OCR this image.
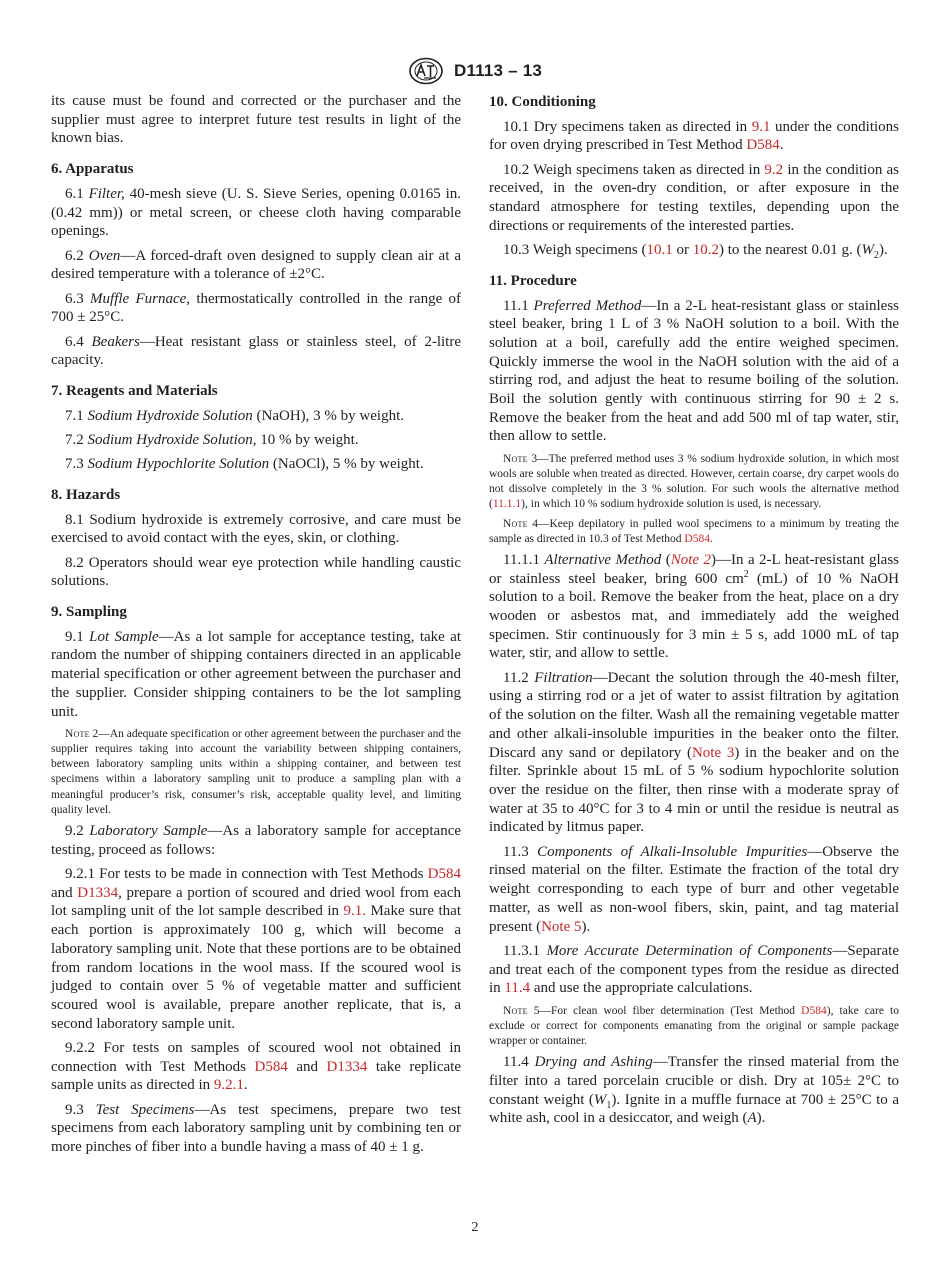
D1113 – 13

its cause must be found and corrected or the purchaser and the supplier must agree to interpret future test results in light of the known bias.

6. Apparatus

6.1 Filter, 40-mesh sieve (U. S. Sieve Series, opening 0.0165 in. (0.42 mm)) or metal screen, or cheese cloth having comparable openings.

6.2 Oven—A forced-draft oven designed to supply clean air at a desired temperature with a tolerance of ±2°C.

6.3 Muffle Furnace, thermostatically controlled in the range of 700 ± 25°C.

6.4 Beakers—Heat resistant glass or stainless steel, of 2-litre capacity.

7. Reagents and Materials

7.1 Sodium Hydroxide Solution (NaOH), 3 % by weight.

7.2 Sodium Hydroxide Solution, 10 % by weight.

7.3 Sodium Hypochlorite Solution (NaOCl), 5 % by weight.

8. Hazards

8.1 Sodium hydroxide is extremely corrosive, and care must be exercised to avoid contact with the eyes, skin, or clothing.

8.2 Operators should wear eye protection while handling caustic solutions.

9. Sampling

9.1 Lot Sample—As a lot sample for acceptance testing, take at random the number of shipping containers directed in an applicable material specification or other agreement between the purchaser and the supplier. Consider shipping containers to be the lot sampling unit.

Note 2—An adequate specification or other agreement between the purchaser and the supplier requires taking into account the variability between shipping containers, between laboratory sampling units within a shipping container, and between test specimens within a laboratory sampling unit to produce a sampling plan with a meaningful producer’s risk, consumer’s risk, acceptable quality level, and limiting quality level.

9.2 Laboratory Sample—As a laboratory sample for acceptance testing, proceed as follows:

9.2.1 For tests to be made in connection with Test Methods D584 and D1334, prepare a portion of scoured and dried wool from each lot sampling unit of the lot sample described in 9.1. Make sure that each portion is approximately 100 g, which will become a laboratory sampling unit. Note that these portions are to be obtained from random locations in the wool mass. If the scoured wool is judged to contain over 5 % of vegetable matter and sufficient scoured wool is available, prepare another replicate, that is, a second laboratory sample unit.

9.2.2 For tests on samples of scoured wool not obtained in connection with Test Methods D584 and D1334 take replicate sample units as directed in 9.2.1.

9.3 Test Specimens—As test specimens, prepare two test specimens from each laboratory sampling unit by combining ten or more pinches of fiber into a bundle having a mass of 40 ± 1 g.

10. Conditioning

10.1 Dry specimens taken as directed in 9.1 under the conditions for oven drying prescribed in Test Method D584.

10.2 Weigh specimens taken as directed in 9.2 in the condition as received, in the oven-dry condition, or after exposure in the standard atmosphere for testing textiles, depending upon the directions or requirements of the interested parties.

10.3 Weigh specimens (10.1 or 10.2) to the nearest 0.01 g. $(W_2)$.

11. Procedure

11.1 Preferred Method—In a 2-L heat-resistant glass or stainless steel beaker, bring 1 L of 3 % NaOH solution to a boil. With the solution at a boil, carefully add the entire weighed specimen. Quickly immerse the wool in the NaOH solution with the aid of a stirring rod, and adjust the heat to resume boiling of the solution. Boil the solution gently with continuous stirring for 90 ± 2 s. Remove the beaker from the heat and add 500 ml of tap water, stir, then allow to settle.

Note 3—The preferred method uses 3 % sodium hydroxide solution, in which most wools are soluble when treated as directed. However, certain coarse, dry carpet wools do not dissolve completely in the 3 % solution. For such wools the alternative method (11.1.1), in which 10 % sodium hydroxide solution is used, is necessary.

Note 4—Keep depilatory in pulled wool specimens to a minimum by treating the sample as directed in 10.3 of Test Method D584.

11.1.1 Alternative Method (Note 2)—In a 2-L heat-resistant glass or stainless steel beaker, bring 600 $cm^2$ (mL) of 10 % NaOH solution to a boil. Remove the beaker from the heat, place on a dry wooden or asbestos mat, and immediately add the weighed specimen. Stir continuously for 3 min ± 5 s, add 1000 mL of tap water, stir, and allow to settle.

11.2 Filtration—Decant the solution through the 40-mesh filter, using a stirring rod or a jet of water to assist filtration by agitation of the solution on the filter. Wash all the remaining vegetable matter and other alkali-insoluble impurities in the beaker onto the filter. Discard any sand or depilatory (Note 3) in the beaker and on the filter. Sprinkle about 15 mL of 5 % sodium hypochlorite solution over the residue on the filter, then rinse with a moderate spray of water at 35 to 40°C for 3 to 4 min or until the residue is neutral as indicated by litmus paper.

11.3 Components of Alkali-Insoluble Impurities—Observe the rinsed material on the filter. Estimate the fraction of the total dry weight corresponding to each type of burr and other vegetable matter, as well as non-wool fibers, skin, paint, and tag material present (Note 5).

11.3.1 More Accurate Determination of Components—Separate and treat each of the component types from the residue as directed in 11.4 and use the appropriate calculations.

Note 5—For clean wool fiber determination (Test Method D584), take care to exclude or correct for components emanating from the original or sample package wrapper or container.

11.4 Drying and Ashing—Transfer the rinsed material from the filter into a tared porcelain crucible or dish. Dry at 105± 2°C to constant weight $(W_1)$. Ignite in a muffle furnace at 700 ± 25°C to a white ash, cool in a desiccator, and weigh (A).

2
